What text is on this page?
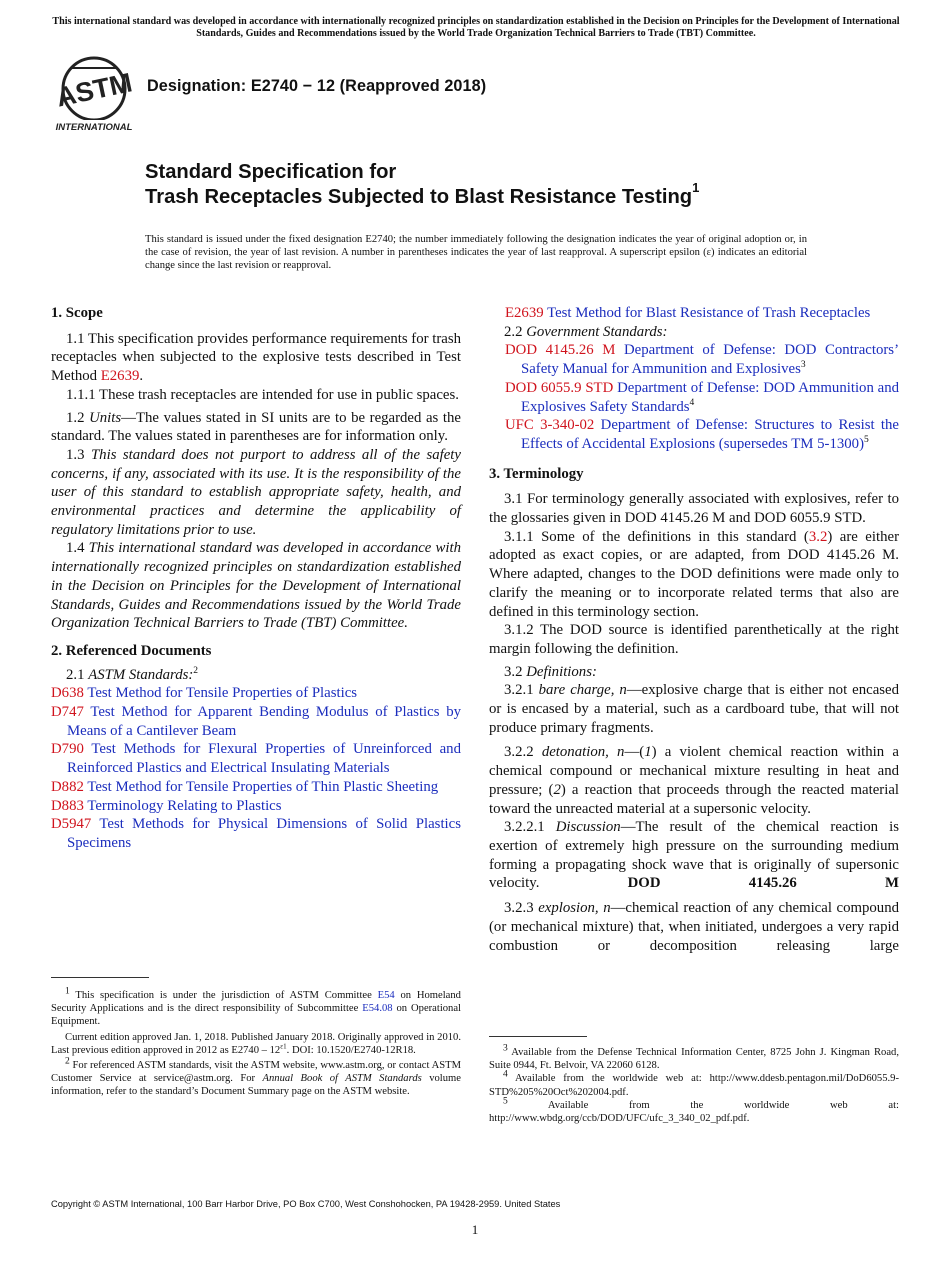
This international standard was developed in accordance with internationally recognized principles on standardization established in the Decision on Principles for the Development of International Standards, Guides and Recommendations issued by the World Trade Organization Technical Barriers to Trade (TBT) Committee.
ASTM
INTERNATIONAL
Designation: E2740 − 12 (Reapproved 2018)
Standard Specification for
Trash Receptacles Subjected to Blast Resistance Testing$^1$
This standard is issued under the fixed designation E2740; the number immediately following the designation indicates the year of original adoption or, in the case of revision, the year of last revision. A number in parentheses indicates the year of last reapproval. A superscript epsilon (ε) indicates an editorial change since the last revision or reapproval.
1. Scope

1.1 This specification provides performance requirements for trash receptacles when subjected to the explosive tests described in Test Method E2639.

1.1.1 These trash receptacles are intended for use in public spaces.

1.2 Units—The values stated in SI units are to be regarded as the standard. The values stated in parentheses are for information only.

1.3 This standard does not purport to address all of the safety concerns, if any, associated with its use. It is the responsibility of the user of this standard to establish appropriate safety, health, and environmental practices and determine the applicability of regulatory limitations prior to use.

1.4 This international standard was developed in accordance with internationally recognized principles on standardization established in the Decision on Principles for the Development of International Standards, Guides and Recommendations issued by the World Trade Organization Technical Barriers to Trade (TBT) Committee.

2. Referenced Documents

2.1 ASTM Standards:$^2$

D638 Test Method for Tensile Properties of Plastics

D747 Test Method for Apparent Bending Modulus of Plastics by Means of a Cantilever Beam

D790 Test Methods for Flexural Properties of Unreinforced and Reinforced Plastics and Electrical Insulating Materials

D882 Test Method for Tensile Properties of Thin Plastic Sheeting

D883 Terminology Relating to Plastics

D5947 Test Methods for Physical Dimensions of Solid Plastics Specimens

$^1$ This specification is under the jurisdiction of ASTM Committee E54 on Homeland Security Applications and is the direct responsibility of Subcommittee E54.08 on Operational Equipment.

Current edition approved Jan. 1, 2018. Published January 2018. Originally approved in 2010. Last previous edition approved in 2012 as $E2740 - 12^{\varepsilon 1}$. DOI: 10.1520/E2740-12R18.

$^2$ For referenced ASTM standards, visit the ASTM website, www.astm.org, or contact ASTM Customer Service at service@astm.org. For Annual Book of ASTM Standards volume information, refer to the standard’s Document Summary page on the ASTM website.

E2639 Test Method for Blast Resistance of Trash Receptacles

2.2 Government Standards:

DOD 4145.26 M Department of Defense: DOD Contractors’ Safety Manual for Ammunition and Explosives$^3$

DOD 6055.9 STD Department of Defense: DOD Ammunition and Explosives Safety Standards$^4$

UFC 3-340-02 Department of Defense: Structures to Resist the Effects of Accidental Explosions (supersedes TM 5-1300)$^5$

3. Terminology

3.1 For terminology generally associated with explosives, refer to the glossaries given in DOD 4145.26 M and DOD 6055.9 STD.

3.1.1 Some of the definitions in this standard (3.2) are either adopted as exact copies, or are adapted, from DOD 4145.26 M. Where adapted, changes to the DOD definitions were made only to clarify the meaning or to incorporate related terms that also are defined in this terminology section.

3.1.2 The DOD source is identified parenthetically at the right margin following the definition.

3.2 Definitions:

3.2.1 bare charge, n—explosive charge that is either not encased or is encased by a material, such as a cardboard tube, that will not produce primary fragments.

3.2.2 detonation, n—(1) a violent chemical reaction within a chemical compound or mechanical mixture resulting in heat and pressure; (2) a reaction that proceeds through the reacted material toward the unreacted material at a supersonic velocity.

3.2.2.1 Discussion—The result of the chemical reaction is exertion of extremely high pressure on the surrounding medium forming a propagating shock wave that is originally of supersonic velocity.	DOD 4145.26 M

3.2.3 explosion, n—chemical reaction of any chemical compound (or mechanical mixture) that, when initiated, undergoes a very rapid combustion or decomposition releasing large

$^3$ Available from the Defense Technical Information Center, 8725 John J. Kingman Road, Suite 0944, Ft. Belvoir, VA 22060 6128.

$^4$ Available from the worldwide web at: http://www.ddesb.pentagon.mil/DoD6055.9-STD%205%20Oct%202004.pdf.

$^5$	Available from the worldwide web at: http://www.wbdg.org/ccb/DOD/UFC/ufc_3_340_02_pdf.pdf.

Copyright © ASTM International, 100 Barr Harbor Drive, PO Box C700, West Conshohocken, PA 19428-2959. United States
1
